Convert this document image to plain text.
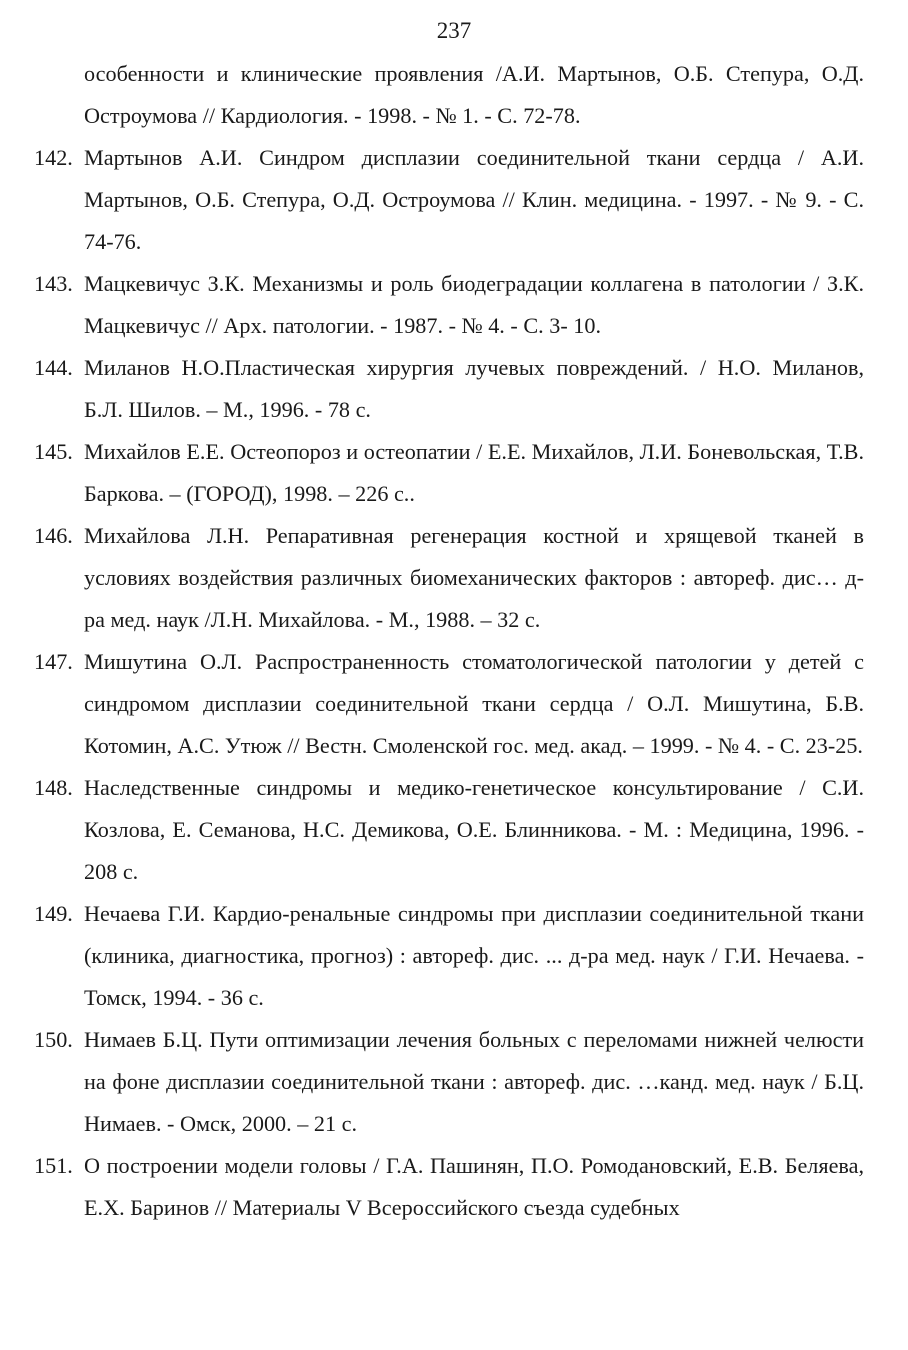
237
особенности и клинические проявления /А.И. Мартынов, О.Б. Степура, О.Д. Остроумова // Кардиология. - 1998. - № 1. - С. 72-78.
142. Мартынов А.И. Синдром дисплазии соединительной ткани сердца / А.И. Мартынов, О.Б. Степура, О.Д. Остроумова // Клин. медицина. - 1997. - № 9. - С. 74-76.
143. Мацкевичус З.К. Механизмы и роль биодеградации коллагена в патологии / З.К. Мацкевичус // Арх. патологии. - 1987. - № 4. - С. 3- 10.
144. Миланов Н.О.Пластическая хирургия лучевых повреждений. / Н.О. Миланов, Б.Л. Шилов. – М., 1996. - 78 с.
145. Михайлов Е.Е. Остеопороз и остеопатии / Е.Е. Михайлов, Л.И. Боневольская, Т.В. Баркова. – (ГОРОД), 1998. – 226 с..
146. Михайлова Л.Н. Репаративная регенерация костной и хрящевой тканей в условиях воздействия различных биомеханических факторов : автореф. дис… д-ра мед. наук /Л.Н. Михайлова. - М., 1988. – 32 с.
147. Мишутина О.Л. Распространенность стоматологической патологии у детей с синдромом дисплазии соединительной ткани сердца / О.Л. Мишутина, Б.В. Котомин, А.С. Утюж // Вестн. Смоленской гос. мед. акад. – 1999. - № 4. - С. 23-25.
148. Наследственные синдромы и медико-генетическое консультирование / С.И. Козлова, Е. Семанова, Н.С. Демикова, О.Е. Блинникова. - М. : Медицина, 1996. - 208 с.
149. Нечаева Г.И. Кардио-ренальные синдромы при дисплазии соединительной ткани (клиника, диагностика, прогноз) : автореф. дис. ... д-ра мед. наук / Г.И. Нечаева. - Томск, 1994. - 36 с.
150. Нимаев Б.Ц. Пути оптимизации лечения больных с переломами нижней челюсти на фоне дисплазии соединительной ткани : автореф. дис. …канд. мед. наук / Б.Ц. Нимаев. - Омск, 2000. – 21 с.
151. О построении модели головы / Г.А. Пашинян, П.О. Ромодановский, Е.В. Беляева, Е.Х. Баринов // Материалы V Всероссийского съезда судебных
